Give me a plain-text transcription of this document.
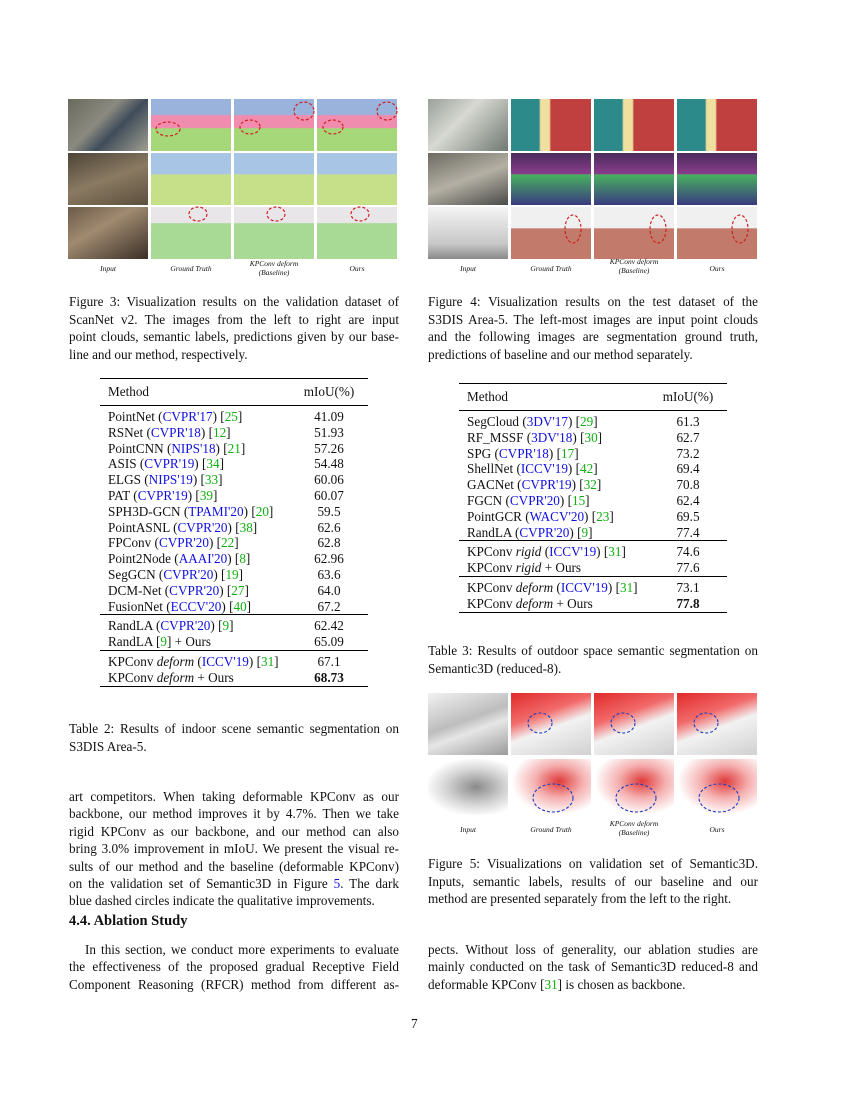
Input	Ground Truth
KPConv deform
(Baseline)	Ours	Input	Ground Truth
KPConv deform
(Baseline)	Ours
Figure 3: Visualization results on the validation dataset of
ScanNet v2. The images from the left to right are input
point clouds, semantic labels, predictions given by our base-
line and our method, respectively.
Figure 4: Visualization results on the test dataset of the
S3DIS Area-5. The left-most images are input point clouds
and the following images are segmentation ground truth,
predictions of baseline and our method separately.
Method	mIoU(%)
PointNet (CVPR'17) [25]	41.09
RSNet (CVPR'18) [12]	51.93
PointCNN (NIPS'18) [21]	57.26
ASIS (CVPR'19) [34]	54.48
ELGS (NIPS'19) [33]	60.06
PAT (CVPR'19) [39]	60.07
SPH3D-GCN (TPAMI'20) [20]	59.5
PointASNL (CVPR'20) [38]	62.6
FPConv (CVPR'20) [22]	62.8
Point2Node (AAAI'20) [8]	62.96
SegGCN (CVPR'20) [19]	63.6
DCM-Net (CVPR'20) [27]	64.0
FusionNet (ECCV'20) [40]	67.2
RandLA (CVPR'20) [9]	62.42
RandLA [9] + Ours	65.09
KPConv deform (ICCV'19) [31]	67.1
KPConv deform + Ours	68.73
Table 2: Results of indoor scene semantic segmentation on
S3DIS Area-5.
Method	mIoU(%)
SegCloud (3DV'17) [29]	61.3
RF_MSSF (3DV'18) [30]	62.7
SPG (CVPR'18) [17]	73.2
ShellNet (ICCV'19) [42]	69.4
GACNet (CVPR'19) [32]	70.8
FGCN (CVPR'20) [15]	62.4
PointGCR (WACV'20) [23]	69.5
RandLA (CVPR'20) [9]	77.4
KPConv rigid (ICCV'19) [31]	74.6
KPConv rigid + Ours	77.6
KPConv deform (ICCV'19) [31]	73.1
KPConv deform + Ours	77.8
Table 3: Results of outdoor space semantic segmentation on
Semantic3D (reduced-8).
Input	Ground Truth
KPConv deform
(Baseline)	Ours
Figure 5: Visualizations on validation set of Semantic3D.
Inputs, semantic labels, results of our baseline and our
method are presented separately from the left to the right.
art competitors. When taking deformable KPConv as our
backbone, our method improves it by 4.7%. Then we take
rigid KPConv as our backbone, and our method can also
bring 3.0% improvement in mIoU. We present the visual re-
sults of our method and the baseline (deformable KPConv)
on the validation set of Semantic3D in Figure 5. The dark
blue dashed circles indicate the qualitative improvements.
4.4. Ablation Study
In this section, we conduct more experiments to evaluate
the effectiveness of the proposed gradual Receptive Field
Component Reasoning (RFCR) method from different as-
pects. Without loss of generality, our ablation studies are
mainly conducted on the task of Semantic3D reduced-8 and
deformable KPConv [31] is chosen as backbone.
7
